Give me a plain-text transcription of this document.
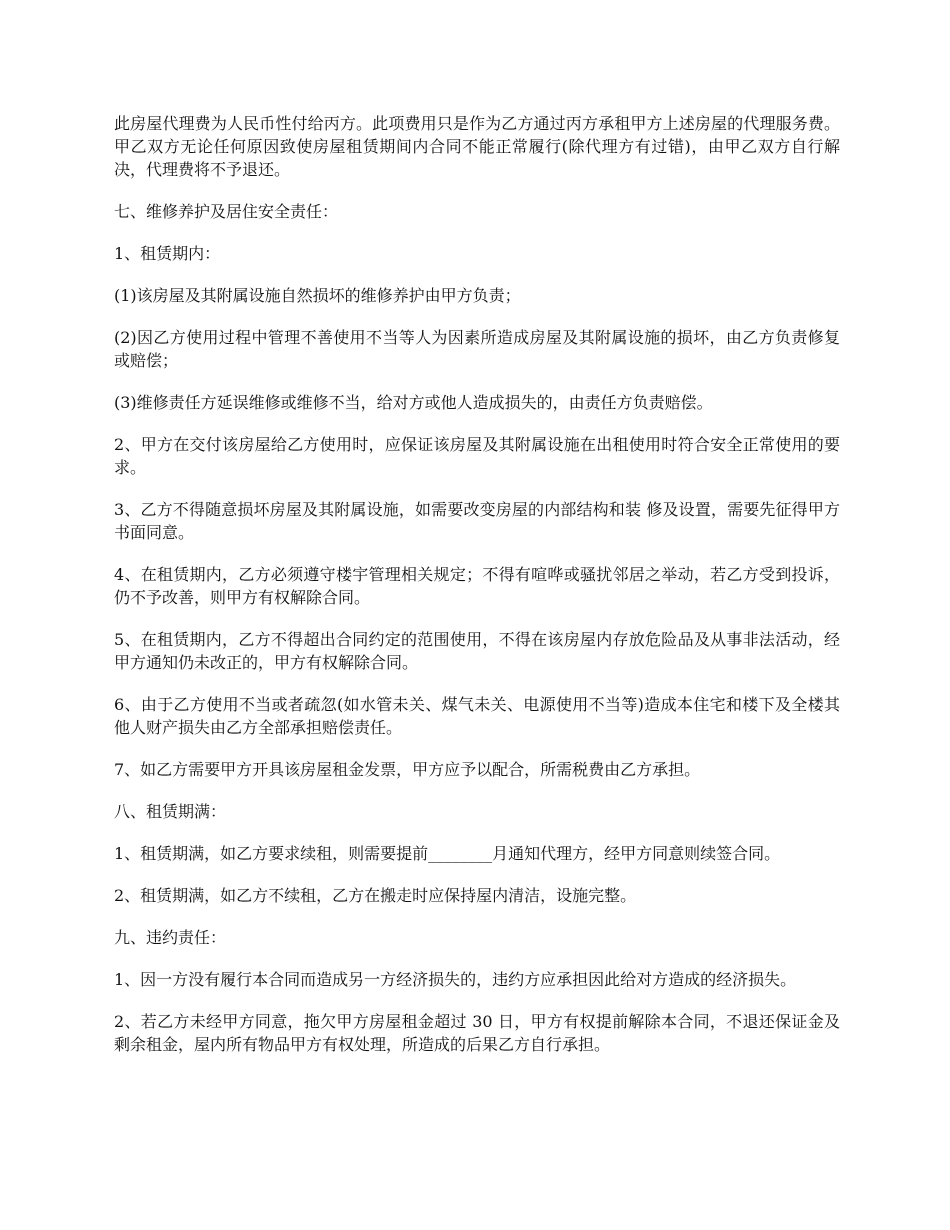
此房屋代理费为人民币性付给丙方。此项费用只是作为乙方通过丙方承租甲方上述房屋的代理服务费。甲乙双方无论任何原因致使房屋租赁期间内合同不能正常履行(除代理方有过错)，由甲乙双方自行解决，代理费将不予退还。

七、维修养护及居住安全责任：

1、租赁期内：

(1)该房屋及其附属设施自然损坏的维修养护由甲方负责；

(2)因乙方使用过程中管理不善使用不当等人为因素所造成房屋及其附属设施的损坏，由乙方负责修复或赔偿；

(3)维修责任方延误维修或维修不当，给对方或他人造成损失的，由责任方负责赔偿。

2、甲方在交付该房屋给乙方使用时，应保证该房屋及其附属设施在出租使用时符合安全正常使用的要求。

3、乙方不得随意损坏房屋及其附属设施，如需要改变房屋的内部结构和装 修及设置，需要先征得甲方书面同意。

4、在租赁期内，乙方必须遵守楼宇管理相关规定；不得有喧哗或骚扰邻居之举动，若乙方受到投诉，仍不予改善，则甲方有权解除合同。

5、在租赁期内，乙方不得超出合同约定的范围使用，不得在该房屋内存放危险品及从事非法活动，经甲方通知仍未改正的，甲方有权解除合同。

6、由于乙方使用不当或者疏忽(如水管未关、煤气未关、电源使用不当等)造成本住宅和楼下及全楼其他人财产损失由乙方全部承担赔偿责任。

7、如乙方需要甲方开具该房屋租金发票，甲方应予以配合，所需税费由乙方承担。

八、租赁期满：

1、租赁期满，如乙方要求续租，则需要提前________月通知代理方，经甲方同意则续签合同。

2、租赁期满，如乙方不续租，乙方在搬走时应保持屋内清洁，设施完整。

九、违约责任：

1、因一方没有履行本合同而造成另一方经济损失的，违约方应承担因此给对方造成的经济损失。

2、若乙方未经甲方同意，拖欠甲方房屋租金超过 30 日，甲方有权提前解除本合同，不退还保证金及剩余租金，屋内所有物品甲方有权处理，所造成的后果乙方自行承担。
